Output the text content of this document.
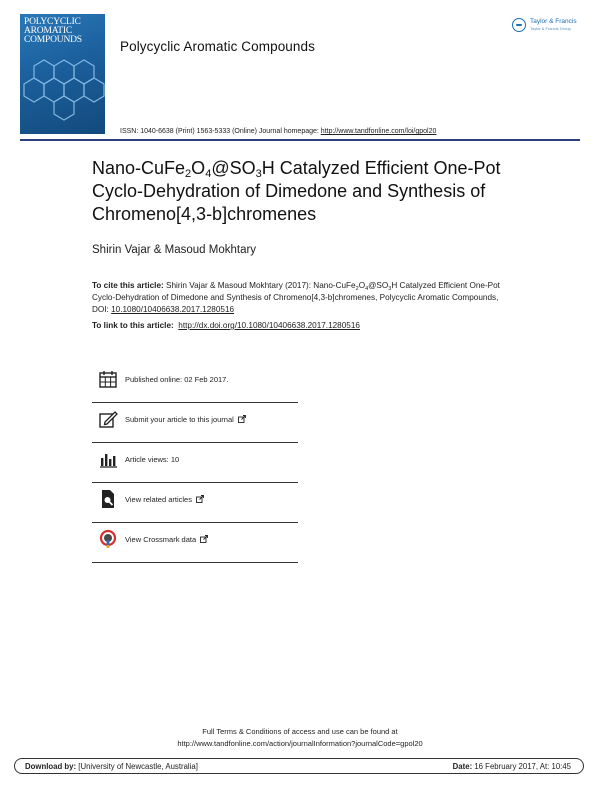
POLYCYCLIC
AROMATIC
COMPOUNDS	Polycyclic Aromatic Compounds
Taylor & Francis
Taylor & Francis Group
ISSN: 1040-6638 (Print) 1563-5333 (Online) Journal homepage: http://www.tandfonline.com/loi/gpol20
Nano-$CuFe_2O_4@SO_3H$ Catalyzed Efficient One-Pot Cyclo-Dehydration of Dimedone and Synthesis of Chromeno[4,3-b]chromenes
Shirin Vajar & Masoud Mokhtary
To cite this article: Shirin Vajar & Masoud Mokhtary (2017): Nano-$CuFe_2O_4@SO_3H$ Catalyzed Efficient One-Pot Cyclo-Dehydration of Dimedone and Synthesis of Chromeno[4,3-b]chromenes, Polycyclic Aromatic Compounds, DOI: 10.1080/10406638.2017.1280516
To link to this article: http://dx.doi.org/10.1080/10406638.2017.1280516
Published online: 02 Feb 2017.
Submit your article to this journal
Article views: 10
View related articles
View Crossmark data
Full Terms & Conditions of access and use can be found at
http://www.tandfonline.com/action/journalInformation?journalCode=gpol20
Download by: [University of Newcastle, Australia]	Date: 16 February 2017, At: 10:45
